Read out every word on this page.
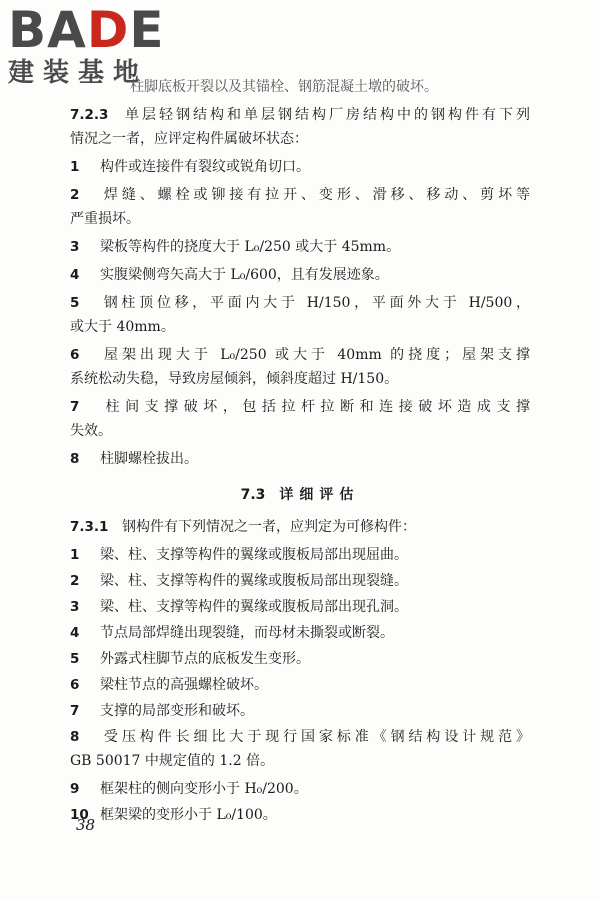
BADE
建装基地
柱脚底板开裂以及其锚栓、钢筋混凝土墩的破坏。
7.2.3 单层轻钢结构和单层钢结构厂房结构中的钢构件有下列
情况之一者，应评定构件属破坏状态：
1 构件或连接件有裂纹或锐角切口。
2 焊缝、螺栓或铆接有拉开、变形、滑移、移动、剪坏等
严重损坏。
3 梁板等构件的挠度大于 L₀/250 或大于 45mm。
4 实腹梁侧弯矢高大于 L₀/600，且有发展迹象。
5 钢柱顶位移，平面内大于 H/150，平面外大于 H/500，
或大于 40mm。
6 屋架出现大于 L₀/250 或大于 40mm 的挠度；屋架支撑
系统松动失稳，导致房屋倾斜，倾斜度超过 H/150。
7 柱间支撑破坏，包括拉杆拉断和连接破坏造成支撑
失效。
8 柱脚螺栓拔出。
7.3 详细评估
7.3.1 钢构件有下列情况之一者，应判定为可修构件：
1 梁、柱、支撑等构件的翼缘或腹板局部出现屈曲。
2 梁、柱、支撑等构件的翼缘或腹板局部出现裂缝。
3 梁、柱、支撑等构件的翼缘或腹板局部出现孔洞。
4 节点局部焊缝出现裂缝，而母材未撕裂或断裂。
5 外露式柱脚节点的底板发生变形。
6 梁柱节点的高强螺栓破坏。
7 支撑的局部变形和破坏。
8 受压构件长细比大于现行国家标准《钢结构设计规范》
GB 50017 中规定值的 1.2 倍。
9 框架柱的侧向变形小于 H₀/200。
10 框架梁的变形小于 L₀/100。
38
